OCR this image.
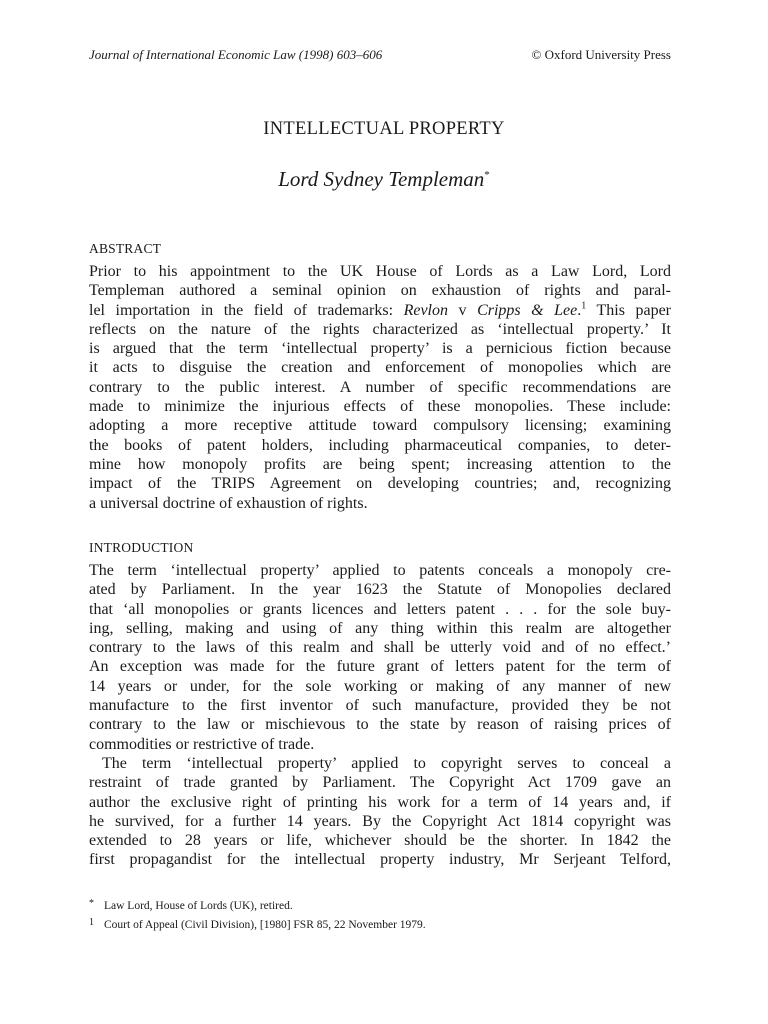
Journal of International Economic Law (1998) 603–606	© Oxford University Press
INTELLECTUAL PROPERTY
Lord Sydney Templeman*
ABSTRACT
Prior to his appointment to the UK House of Lords as a Law Lord, Lord
Templeman authored a seminal opinion on exhaustion of rights and paral-
lel importation in the field of trademarks: Revlon v Cripps & Lee.$^1$ This paper
reflects on the nature of the rights characterized as ‘intellectual property.’ It
is argued that the term ‘intellectual property’ is a pernicious fiction because
it acts to disguise the creation and enforcement of monopolies which are
contrary to the public interest. A number of specific recommendations are
made to minimize the injurious effects of these monopolies. These include:
adopting a more receptive attitude toward compulsory licensing; examining
the books of patent holders, including pharmaceutical companies, to deter-
mine how monopoly profits are being spent; increasing attention to the
impact of the TRIPS Agreement on developing countries; and, recognizing
a universal doctrine of exhaustion of rights.
INTRODUCTION
The term ‘intellectual property’ applied to patents conceals a monopoly cre-
ated by Parliament. In the year 1623 the Statute of Monopolies declared
that ‘all monopolies or grants licences and letters patent . . . for the sole buy-
ing, selling, making and using of any thing within this realm are altogether
contrary to the laws of this realm and shall be utterly void and of no effect.’
An exception was made for the future grant of letters patent for the term of
14 years or under, for the sole working or making of any manner of new
manufacture to the first inventor of such manufacture, provided they be not
contrary to the law or mischievous to the state by reason of raising prices of
commodities or restrictive of trade.
The term ‘intellectual property’ applied to copyright serves to conceal a
restraint of trade granted by Parliament. The Copyright Act 1709 gave an
author the exclusive right of printing his work for a term of 14 years and, if
he survived, for a further 14 years. By the Copyright Act 1814 copyright was
extended to 28 years or life, whichever should be the shorter. In 1842 the
first propagandist for the intellectual property industry, Mr Serjeant Telford,
* Law Lord, House of Lords (UK), retired.
1 Court of Appeal (Civil Division), [1980] FSR 85, 22 November 1979.
